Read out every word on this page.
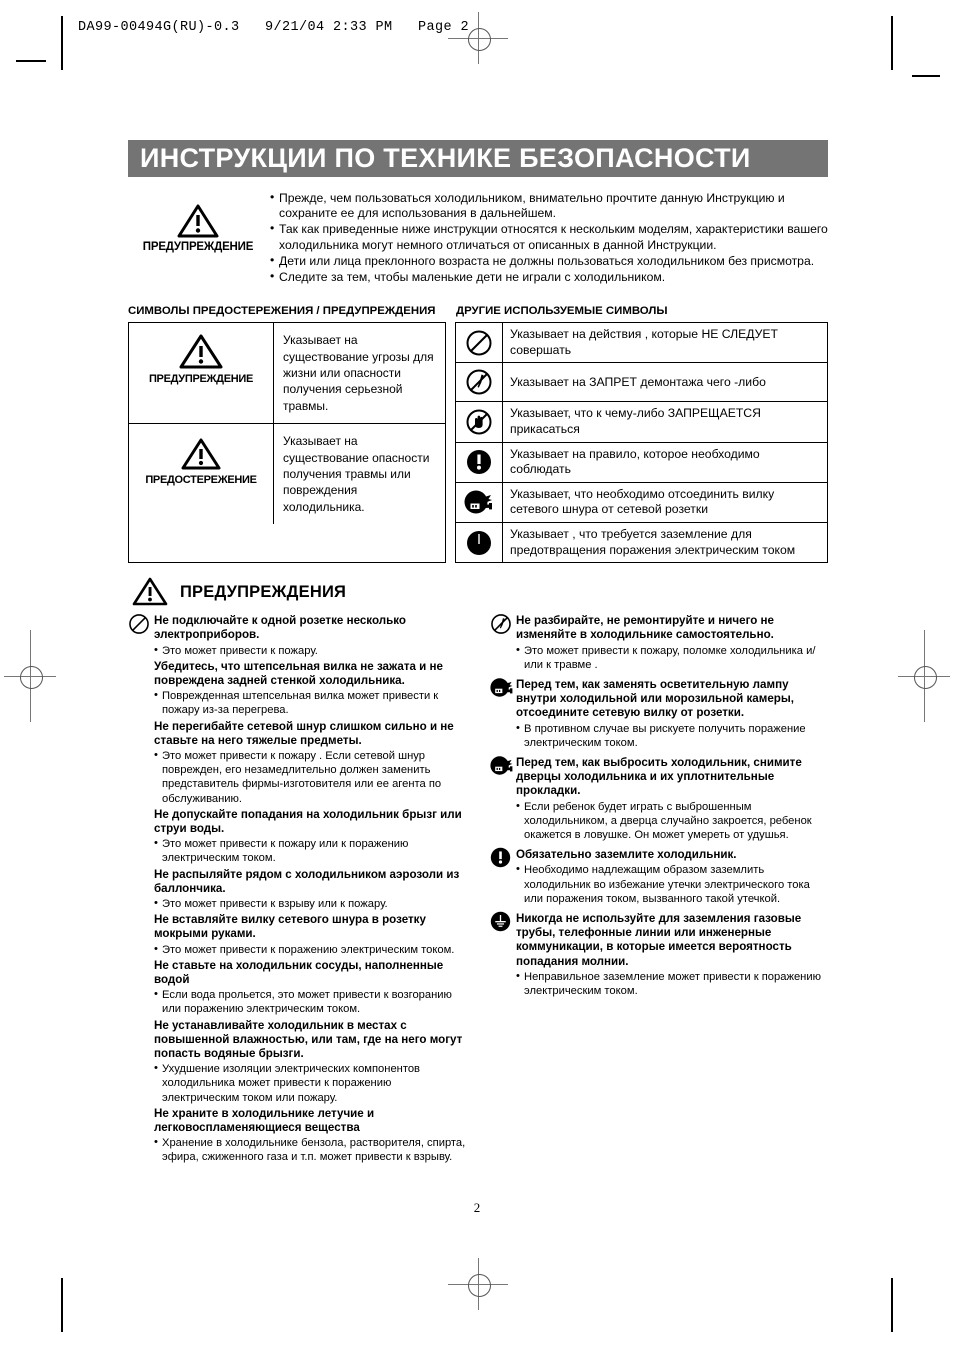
DA99-00494G(RU)-0.3   9/21/04 2:33 PM   Page 2
ИНСТРУКЦИИ ПО ТЕХНИКЕ БЕЗОПАСНОСТИ
ПРЕДУПРЕЖДЕНИЕ
• Прежде, чем пользоваться холодильником, внимательно прочтите данную Инструкцию и сохраните ее для использования в дальнейшем.
• Так как приведенные ниже инструкции относятся к нескольким моделям, характеристики вашего холодильника могут немного отличаться от описанных в данной Инструкции.
• Дети или лица преклонного возраста не должны пользоваться холодильником без присмотра.
• Следите за тем, чтобы маленькие дети не играли с холодильником.
СИМВОЛЫ ПРЕДОСТЕРЕЖЕНИЯ / ПРЕДУПРЕЖДЕНИЯ	ДРУГИЕ ИСПОЛЬЗУЕМЫЕ СИМВОЛЫ
ПРЕДУПРЕЖДЕНИЕ
Указывает на существование угрозы для жизни или опасности получения серьезной травмы.
ПРЕДОСТЕРЕЖЕНИЕ
Указывает на существование опасности получения травмы или повреждения холодильника.
Указывает на действия , которые НЕ СЛЕДУЕТ совершать
Указывает на ЗАПРЕТ демонтажа чего -либо
Указывает, что к чему-либо ЗАПРЕЩАЕТСЯ прикасаться
Указывает на правило, которое необходимо соблюдать
Указывает, что необходимо отсоединить вилку сетевого шнура от сетевой розетки
Указывает , что требуется заземление для предотвращения поражения электрическим током
ПРЕДУПРЕЖДЕНИЯ
Не подключайте к одной розетке несколько электроприборов.
• Это может привести к пожару.
Убедитесь, что штепсельная вилка не зажата и не повреждена задней стенкой холодильника.
• Поврежденная штепсельная вилка может привести к пожару из-за перегрева.
Не перегибайте сетевой шнур слишком сильно и не ставьте на него тяжелые предметы.
• Это может привести к пожару . Если сетевой шнур поврежден, его незамедлительно должен заменить представитель фирмы-изготовителя или ее агента по обслуживанию.
Не допускайте попадания на холодильник брызг или струи воды.
• Это может привести к пожару или к поражению электрическим током.
Не распыляйте рядом с холодильником аэрозоли из баллончика.
• Это может привести к взрыву или к пожару.
Не вставляйте вилку сетевого шнура в розетку мокрыми руками.
• Это может привести к поражению электрическим током.
Не ставьте на холодильник сосуды, наполненные водой
• Если вода прольется, это может привести к возгоранию или поражению электрическим током.
Не устанавливайте холодильник в местах с повышенной влажностью, или там, где на него могут попасть водяные брызги.
• Ухудшение изоляции электрических компонентов холодильника может привести к поражению электрическим током или пожару.
Не храните в холодильнике летучие и легковоспламеняющиеся вещества
• Хранение в холодильнике бензола, растворителя, спирта, эфира, сжиженного газа и т.п. может привести к взрыву.
Не разбирайте, не ремонтируйте и ничего не изменяйте в холодильнике самостоятельно.
• Это может привести к пожару, поломке холодильника и/или к травме .
Перед тем, как заменять осветительную лампу внутри холодильной или морозильной камеры, отсоедините сетевую вилку от розетки.
• В противном случае вы рискуете получить поражение электрическим током.
Перед тем, как выбросить холодильник, снимите дверцы холодильника и их уплотнительные прокладки.
• Если ребенок будет играть с выброшенным холодильником, а дверца случайно закроется, ребенок окажется в ловушке. Он может умереть от удушья.
Обязательно заземлите холодильник.
• Необходимо надлежащим образом заземлить холодильник во избежание утечки электрического тока или поражения током, вызванного такой утечкой.
Никогда не используйте для заземления газовые трубы, телефонные линии или инженерные коммуникации, в которые имеется вероятность попадания молнии.
• Неправильное заземление может привести к поражению электрическим током.
2
